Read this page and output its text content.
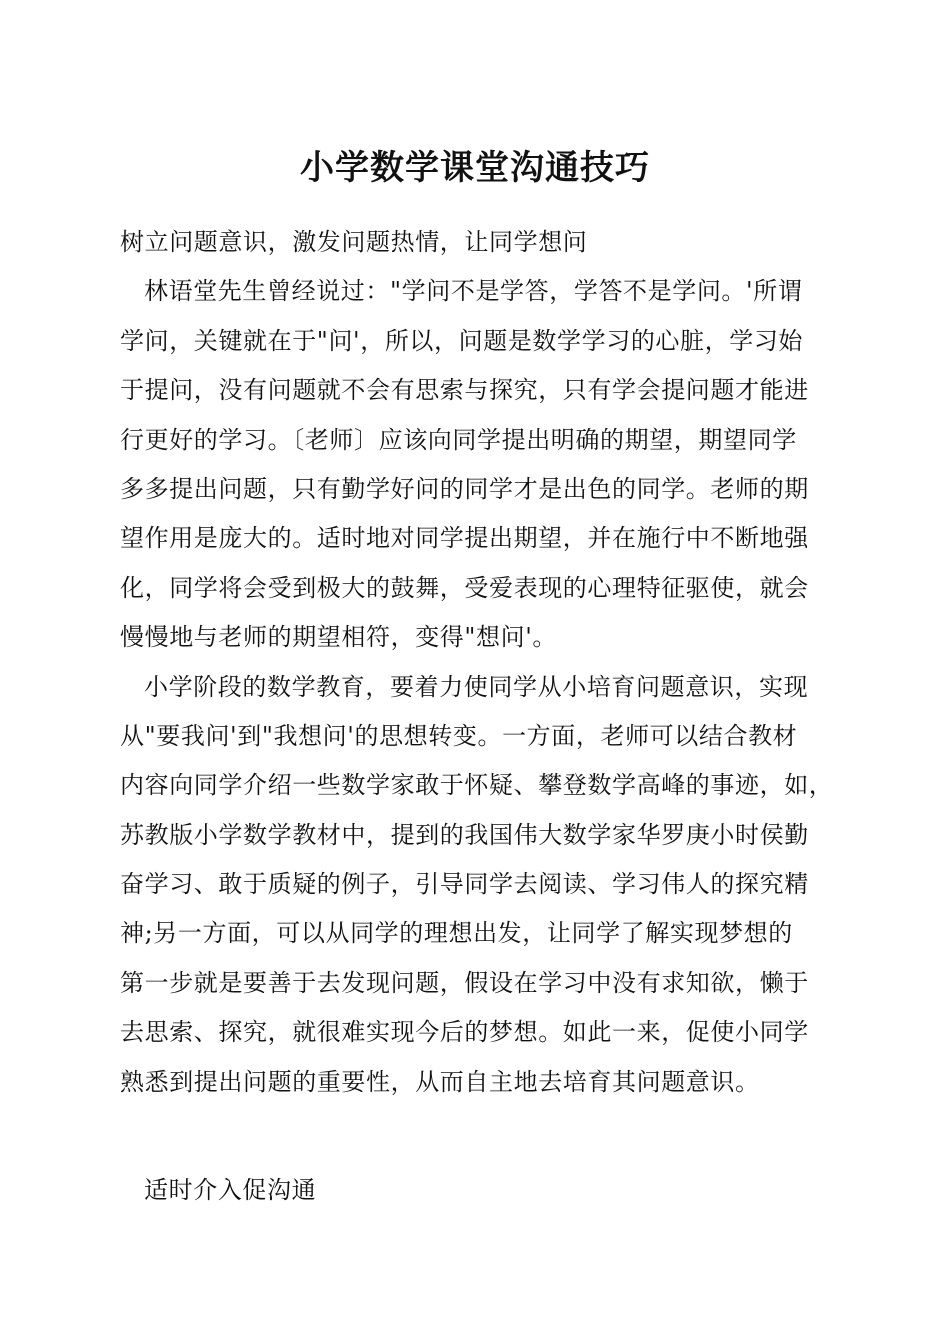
小学数学课堂沟通技巧
树立问题意识，激发问题热情，让同学想问
林语堂先生曾经说过："学问不是学答，学答不是学问。'所谓
学问，关键就在于"问'，所以，问题是数学学习的心脏，学习始
于提问，没有问题就不会有思索与探究，只有学会提问题才能进
行更好的学习。〔老师〕应该向同学提出明确的期望，期望同学
多多提出问题，只有勤学好问的同学才是出色的同学。老师的期
望作用是庞大的。适时地对同学提出期望，并在施行中不断地强
化，同学将会受到极大的鼓舞，受爱表现的心理特征驱使，就会
慢慢地与老师的期望相符，变得"想问'。
小学阶段的数学教育，要着力使同学从小培育问题意识，实现
从"要我问'到"我想问'的思想转变。一方面，老师可以结合教材
内容向同学介绍一些数学家敢于怀疑、攀登数学高峰的事迹，如，
苏教版小学数学教材中，提到的我国伟大数学家华罗庚小时侯勤
奋学习、敢于质疑的例子，引导同学去阅读、学习伟人的探究精
神;另一方面，可以从同学的理想出发，让同学了解实现梦想的
第一步就是要善于去发现问题，假设在学习中没有求知欲，懒于
去思索、探究，就很难实现今后的梦想。如此一来，促使小同学
熟悉到提出问题的重要性，从而自主地去培育其问题意识。
适时介入促沟通
